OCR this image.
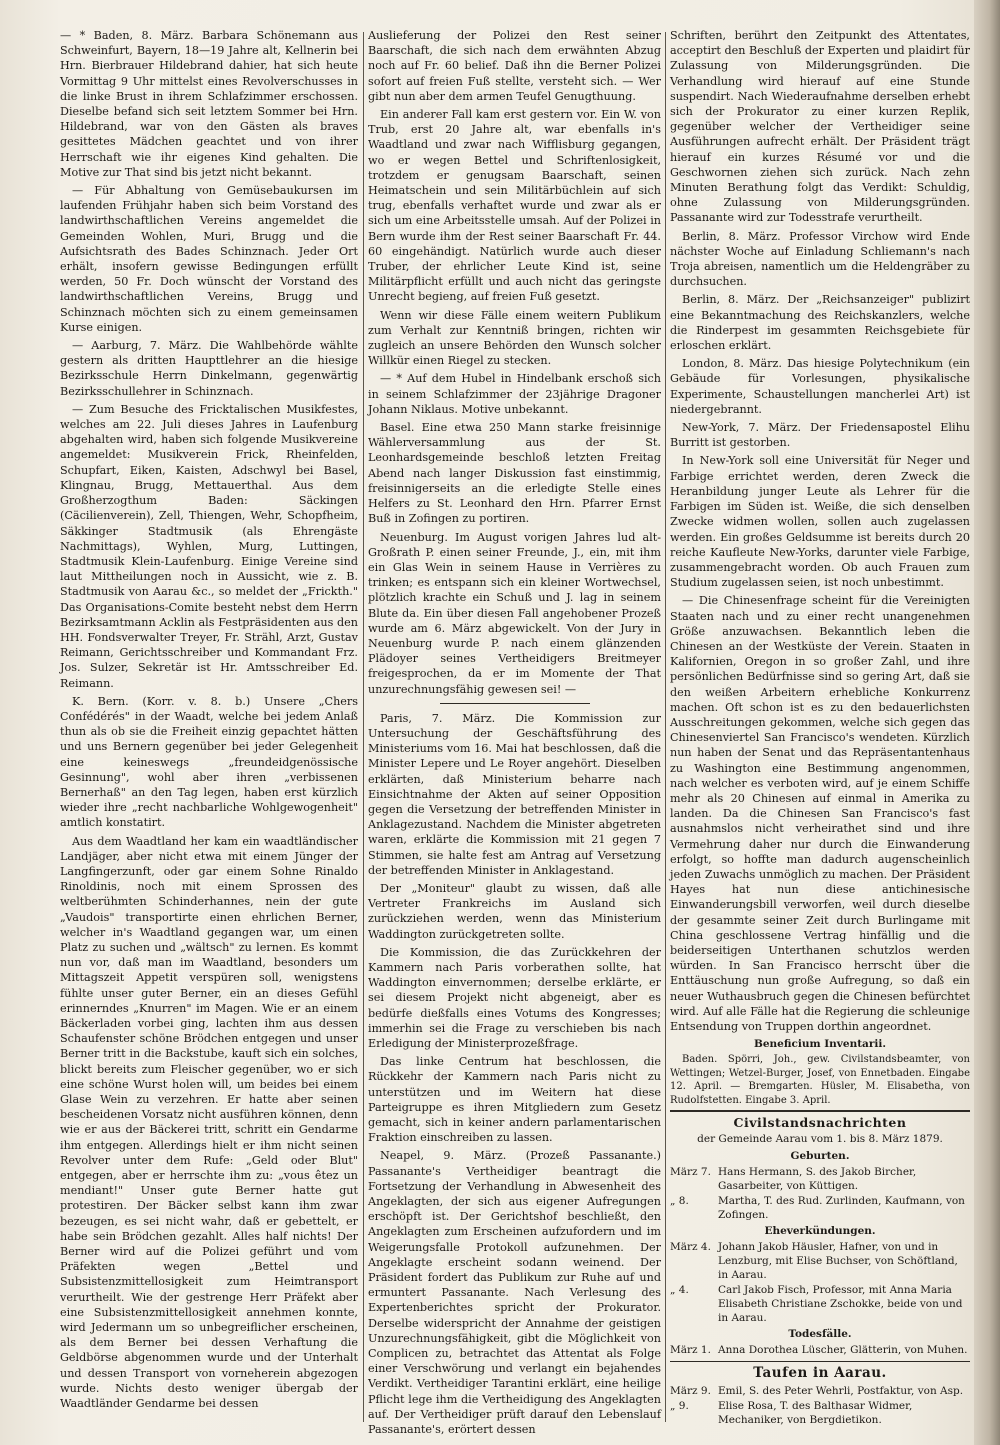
— * Baden, 8. März. Barbara Schönemann aus Schweinfurt, Bayern, 18—19 Jahre alt, Kellnerin bei Hrn. Bierbrauer Hildebrand dahier, hat sich heute Vormittag 9 Uhr mittelst eines Revolverschusses in die linke Brust in ihrem Schlafzimmer erschossen. Dieselbe befand sich seit letztem Sommer bei Hrn. Hildebrand, war von den Gästen als braves gesittetes Mädchen geachtet und von ihrer Herrschaft wie ihr eigenes Kind gehalten. Die Motive zur That sind bis jetzt nicht bekannt.

— Für Abhaltung von Gemüsebaukursen im laufenden Frühjahr haben sich beim Vorstand des landwirthschaftlichen Vereins angemeldet die Gemeinden Wohlen, Muri, Brugg und die Aufsichtsrath des Bades Schinznach. Jeder Ort erhält, insofern gewisse Bedingungen erfüllt werden, 50 Fr. Doch wünscht der Vorstand des landwirthschaftlichen Vereins, Brugg und Schinznach möchten sich zu einem gemeinsamen Kurse einigen.

— Aarburg, 7. März. Die Wahlbehörde wählte gestern als dritten Haupttlehrer an die hiesige Bezirksschule Herrn Dinkelmann, gegenwärtig Bezirksschullehrer in Schinznach.

— Zum Besuche des Fricktalischen Musikfestes, welches am 22. Juli dieses Jahres in Laufenburg abgehalten wird, haben sich folgende Musikvereine angemeldet: Musikverein Frick, Rheinfelden, Schupfart, Eiken, Kaisten, Adschwyl bei Basel, Klingnau, Brugg, Mettauerthal. Aus dem Großherzogthum Baden: Säckingen (Cäcilienverein), Zell, Thiengen, Wehr, Schopfheim, Säkkinger Stadtmusik (als Ehrengäste Nachmittags), Wyhlen, Murg, Luttingen, Stadtmusik Klein-Laufenburg. Einige Vereine sind laut Mittheilungen noch in Aussicht, wie z. B. Stadtmusik von Aarau &c., so meldet der „Frickth." Das Organisations-Comite besteht nebst dem Herrn Bezirksamtmann Acklin als Festpräsidenten aus den HH. Fondsverwalter Treyer, Fr. Strähl, Arzt, Gustav Reimann, Gerichtsschreiber und Kommandant Frz. Jos. Sulzer, Sekretär ist Hr. Amtsschreiber Ed. Reimann.

K. Bern. (Korr. v. 8. b.) Unsere „Chers Confédérés" in der Waadt, welche bei jedem Anlaß thun als ob sie die Freiheit einzig gepachtet hätten und uns Bernern gegenüber bei jeder Gelegenheit eine keineswegs „freundeidgenössische Gesinnung", wohl aber ihren „verbissenen Bernerhaß" an den Tag legen, haben erst kürzlich wieder ihre „recht nachbarliche Wohlgewogenheit" amtlich konstatirt.

Aus dem Waadtland her kam ein waadtländischer Landjäger, aber nicht etwa mit einem Jünger der Langfingerzunft, oder gar einem Sohne Rinaldo Rinoldinis, noch mit einem Sprossen des weltberühmten Schinderhannes, nein der gute „Vaudois" transportirte einen ehrlichen Berner, welcher in's Waadtland gegangen war, um einen Platz zu suchen und „wältsch" zu lernen. Es kommt nun vor, daß man im Waadtland, besonders um Mittagszeit Appetit verspüren soll, wenigstens fühlte unser guter Berner, ein an dieses Gefühl erinnerndes „Knurren" im Magen. Wie er an einem Bäckerladen vorbei ging, lachten ihm aus dessen Schaufenster schöne Brödchen entgegen und unser Berner tritt in die Backstube, kauft sich ein solches, blickt bereits zum Fleischer gegenüber, wo er sich eine schöne Wurst holen will, um beides bei einem Glase Wein zu verzehren. Er hatte aber seinen bescheidenen Vorsatz nicht ausführen können, denn wie er aus der Bäckerei tritt, schritt ein Gendarme ihm entgegen. Allerdings hielt er ihm nicht seinen Revolver unter dem Rufe: „Geld oder Blut" entgegen, aber er herrschte ihm zu: „vous êtez un mendiant!" Unser gute Berner hatte gut protestiren. Der Bäcker selbst kann ihm zwar bezeugen, es sei nicht wahr, daß er gebettelt, er habe sein Brödchen gezahlt. Alles half nichts! Der Berner wird auf die Polizei geführt und vom Präfekten wegen „Bettel und Subsistenzmittellosigkeit zum Heimtransport verurtheilt. Wie der gestrenge Herr Präfekt aber eine Subsistenzmittellosigkeit annehmen konnte, wird Jedermann um so unbegreiflicher erscheinen, als dem Berner bei dessen Verhaftung die Geldbörse abgenommen wurde und der Unterhalt und dessen Transport von vorneherein abgezogen wurde. Nichts desto weniger übergab der Waadtländer Gendarme bei dessen

Auslieferung der Polizei den Rest seiner Baarschaft, die sich nach dem erwähnten Abzug noch auf Fr. 60 belief. Daß ihn die Berner Polizei sofort auf freien Fuß stellte, versteht sich. — Wer gibt nun aber dem armen Teufel Genugthuung.

Ein anderer Fall kam erst gestern vor. Ein W. von Trub, erst 20 Jahre alt, war ebenfalls in's Waadtland und zwar nach Wifflisburg gegangen, wo er wegen Bettel und Schriftenlosigkeit, trotzdem er genugsam Baarschaft, seinen Heimatschein und sein Militärbüchlein auf sich trug, ebenfalls verhaftet wurde und zwar als er sich um eine Arbeitsstelle umsah. Auf der Polizei in Bern wurde ihm der Rest seiner Baarschaft Fr. 44. 60 eingehändigt. Natürlich wurde auch dieser Truber, der ehrlicher Leute Kind ist, seine Militärpflicht erfüllt und auch nicht das geringste Unrecht begieng, auf freien Fuß gesetzt.

Wenn wir diese Fälle einem weitern Publikum zum Verhalt zur Kenntniß bringen, richten wir zugleich an unsere Behörden den Wunsch solcher Willkür einen Riegel zu stecken.

— * Auf dem Hubel in Hindelbank erschoß sich in seinem Schlafzimmer der 23jährige Dragoner Johann Niklaus. Motive unbekannt.

Basel. Eine etwa 250 Mann starke freisinnige Wählerversammlung aus der St. Leonhardsgemeinde beschloß letzten Freitag Abend nach langer Diskussion fast einstimmig, freisinnigerseits an die erledigte Stelle eines Helfers zu St. Leonhard den Hrn. Pfarrer Ernst Buß in Zofingen zu portiren.

Neuenburg. Im August vorigen Jahres lud alt-Großrath P. einen seiner Freunde, J., ein, mit ihm ein Glas Wein in seinem Hause in Verrières zu trinken; es entspann sich ein kleiner Wortwechsel, plötzlich krachte ein Schuß und J. lag in seinem Blute da. Ein über diesen Fall angehobener Prozeß wurde am 6. März abgewickelt. Von der Jury in Neuenburg wurde P. nach einem glänzenden Plädoyer seines Vertheidigers Breitmeyer freigesprochen, da er im Momente der That unzurechnungsfähig gewesen sei! —

Paris, 7. März. Die Kommission zur Untersuchung der Geschäftsführung des Ministeriums vom 16. Mai hat beschlossen, daß die Minister Lepere und Le Royer angehört. Dieselben erklärten, daß Ministerium beharre nach Einsichtnahme der Akten auf seiner Opposition gegen die Versetzung der betreffenden Minister in Anklagezustand. Nachdem die Minister abgetreten waren, erklärte die Kommission mit 21 gegen 7 Stimmen, sie halte fest am Antrag auf Versetzung der betreffenden Minister in Anklagestand.

Der „Moniteur" glaubt zu wissen, daß alle Vertreter Frankreichs im Ausland sich zurückziehen werden, wenn das Ministerium Waddington zurückgetreten sollte.

Die Kommission, die das Zurückkehren der Kammern nach Paris vorberathen sollte, hat Waddington einvernommen; derselbe erklärte, er sei diesem Projekt nicht abgeneigt, aber es bedürfe dießfalls eines Votums des Kongresses; immerhin sei die Frage zu verschieben bis nach Erledigung der Ministerprozeßfrage.

Das linke Centrum hat beschlossen, die Rückkehr der Kammern nach Paris nicht zu unterstützen und im Weitern hat diese Parteigruppe es ihren Mitgliedern zum Gesetz gemacht, sich in keiner andern parlamentarischen Fraktion einschreiben zu lassen.

Neapel, 9. März. (Prozeß Passanante.) Passanante's Vertheidiger beantragt die Fortsetzung der Verhandlung in Abwesenheit des Angeklagten, der sich aus eigener Aufregungen erschöpft ist. Der Gerichtshof beschließt, den Angeklagten zum Erscheinen aufzufordern und im Weigerungsfalle Protokoll aufzunehmen. Der Angeklagte erscheint sodann weinend. Der Präsident fordert das Publikum zur Ruhe auf und ermuntert Passanante. Nach Verlesung des Expertenberichtes spricht der Prokurator. Derselbe widerspricht der Annahme der geistigen Unzurechnungsfähigkeit, gibt die Möglichkeit von Complicen zu, betrachtet das Attentat als Folge einer Verschwörung und verlangt ein bejahendes Verdikt. Vertheidiger Tarantini erklärt, eine heilige Pflicht lege ihm die Vertheidigung des Angeklagten auf. Der Vertheidiger prüft darauf den Lebenslauf Passanante's, erörtert dessen

Schriften, berührt den Zeitpunkt des Attentates, acceptirt den Beschluß der Experten und plaidirt für Zulassung von Milderungsgründen. Die Verhandlung wird hierauf auf eine Stunde suspendirt. Nach Wiederaufnahme derselben erhebt sich der Prokurator zu einer kurzen Replik, gegenüber welcher der Vertheidiger seine Ausführungen aufrecht erhält. Der Präsident trägt hierauf ein kurzes Résumé vor und die Geschwornen ziehen sich zurück. Nach zehn Minuten Berathung folgt das Verdikt: Schuldig, ohne Zulassung von Milderungsgründen. Passanante wird zur Todesstrafe verurtheilt.

Berlin, 8. März. Professor Virchow wird Ende nächster Woche auf Einladung Schliemann's nach Troja abreisen, namentlich um die Heldengräber zu durchsuchen.

Berlin, 8. März. Der „Reichsanzeiger" publizirt eine Bekanntmachung des Reichskanzlers, welche die Rinderpest im gesammten Reichsgebiete für erloschen erklärt.

London, 8. März. Das hiesige Polytechnikum (ein Gebäude für Vorlesungen, physikalische Experimente, Schaustellungen mancherlei Art) ist niedergebrannt.

New-York, 7. März. Der Friedensapostel Elihu Burritt ist gestorben.

In New-York soll eine Universität für Neger und Farbige errichtet werden, deren Zweck die Heranbildung junger Leute als Lehrer für die Farbigen im Süden ist. Weiße, die sich denselben Zwecke widmen wollen, sollen auch zugelassen werden. Ein großes Geldsumme ist bereits durch 20 reiche Kaufleute New-Yorks, darunter viele Farbige, zusammengebracht worden. Ob auch Frauen zum Studium zugelassen seien, ist noch unbestimmt.

— Die Chinesenfrage scheint für die Vereinigten Staaten nach und zu einer recht unangenehmen Größe anzuwachsen. Bekanntlich leben die Chinesen an der Westküste der Verein. Staaten in Kalifornien, Oregon in so großer Zahl, und ihre persönlichen Bedürfnisse sind so gering Art, daß sie den weißen Arbeitern erhebliche Konkurrenz machen. Oft schon ist es zu den bedauerlichsten Ausschreitungen gekommen, welche sich gegen das Chinesenviertel San Francisco's wendeten. Kürzlich nun haben der Senat und das Repräsentantenhaus zu Washington eine Bestimmung angenommen, nach welcher es verboten wird, auf je einem Schiffe mehr als 20 Chinesen auf einmal in Amerika zu landen. Da die Chinesen San Francisco's fast ausnahmslos nicht verheirathet sind und ihre Vermehrung daher nur durch die Einwanderung erfolgt, so hoffte man dadurch augenscheinlich jeden Zuwachs unmöglich zu machen. Der Präsident Hayes hat nun diese antichinesische Einwanderungsbill verworfen, weil durch dieselbe der gesammte seiner Zeit durch Burlingame mit China geschlossene Vertrag hinfällig und die beiderseitigen Unterthanen schutzlos werden würden. In San Francisco herrscht über die Enttäuschung nun große Aufregung, so daß ein neuer Wuthausbruch gegen die Chinesen befürchtet wird. Auf alle Fälle hat die Regierung die schleunige Entsendung von Truppen dorthin angeordnet.

Beneficium Inventarii.

Baden. Spörri, Joh., gew. Civilstandsbeamter, von Wettingen; Wetzel-Burger, Josef, von Ennetbaden. Eingabe 12. April. — Bremgarten. Hüsler, M. Elisabetha, von Rudolfstetten. Eingabe 3. April.

Civilstandsnachrichten
der Gemeinde Aarau vom 1. bis 8. März 1879.
Geburten.
März 7. Hans Hermann, S. des Jakob Bircher, Gasarbeiter, von Küttigen.
„ 8.	Martha, T. des Rud. Zurlinden, Kaufmann, von Zofingen.
Eheverkündungen.
März 4. Johann Jakob Häusler, Hafner, von und in Lenzburg, mit Elise Buchser, von Schöftland, in Aarau.
„ 4.	Carl Jakob Fisch, Professor, mit Anna Maria Elisabeth Christiane Zschokke, beide von und in Aarau.
Todesfälle.
März 1. Anna Dorothea Lüscher, Glätterin, von Muhen.
Taufen in Aarau.
März 9. Emil, S. des Peter Wehrli, Postfaktur, von Asp.
„ 9.	Elise Rosa, T. des Balthasar Widmer, Mechaniker, von Bergdietikon.
